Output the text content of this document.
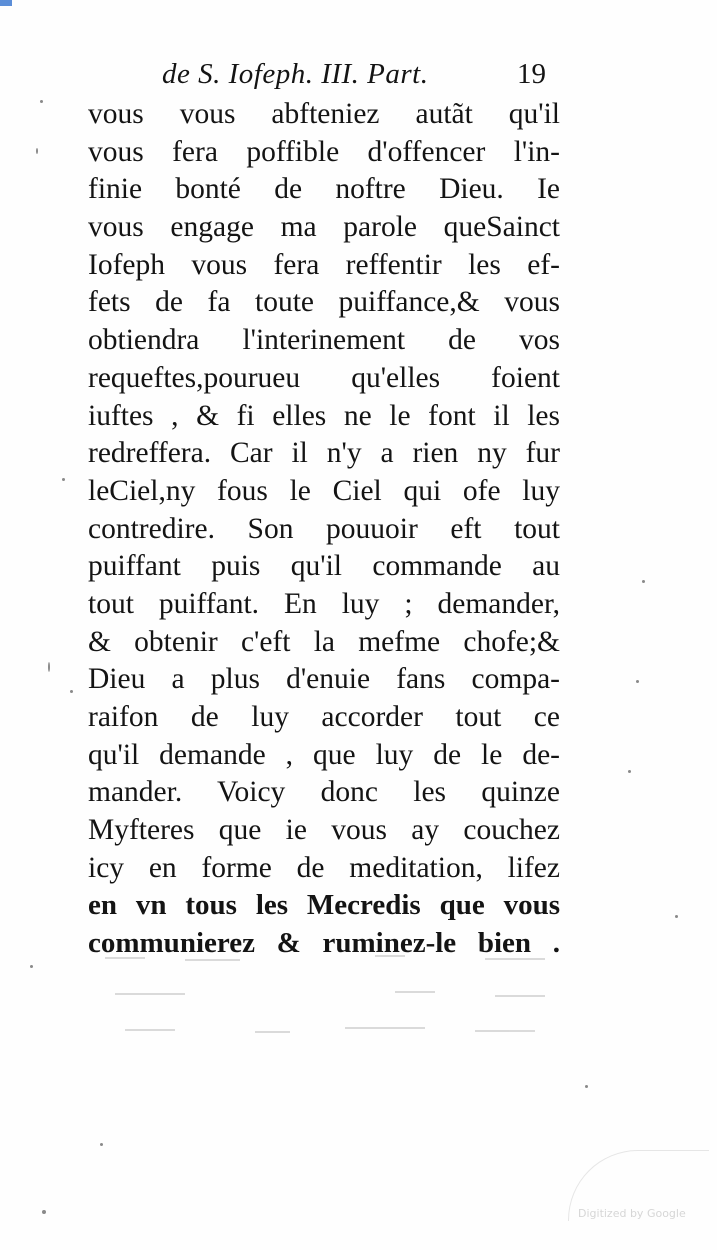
de S. Iofeph. III. Part.	19
vous vous abfteniez autãt qu'il
vous fera poffible d'offencer l'in-
finie bonté de noftre Dieu. Ie
vous engage ma parole queSainct
Iofeph vous fera reffentir les ef-
fets de fa toute puiffance,& vous
obtiendra l'interinement de vos
requeftes,pourueu qu'elles foient
iuftes , & fi elles ne le font il les
redreffera. Car il n'y a rien ny fur
leCiel,ny fous le Ciel qui ofe luy
contredire. Son pouuoir eft tout
puiffant puis qu'il commande au
tout puiffant. En luy ; demander,
& obtenir c'eft la mefme chofe;&
Dieu a plus d'enuie fans compa-
raifon de luy accorder tout ce
qu'il demande , que luy de le de-
mander. Voicy donc les quinze
Myfteres que ie vous ay couchez
icy en forme de meditation, lifez
en vn tous les Mecredis que vous
communierez & ruminez-le bien .
Digitized by Google
